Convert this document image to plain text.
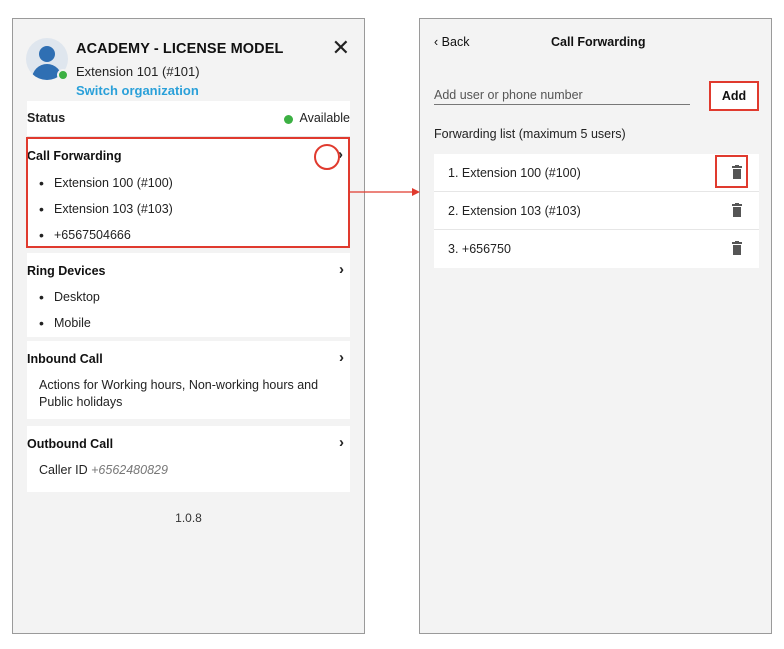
ACADEMY - LICENSE MODEL
Extension 101 (#101)
Switch organization
✕
Status	Available
Call Forwarding	›
• Extension 100 (#100)
• Extension 103 (#103)
• +6567504666
Ring Devices	›
• Desktop
• Mobile
Inbound Call	›
Actions for Working hours, Non-working hours and Public holidays
Outbound Call	›
Caller ID +6562480829
1.0.8
‹ Back	Call Forwarding
Add user or phone number
Add
Forwarding list (maximum 5 users)
1. Extension 100 (#100)
2. Extension 103 (#103)
3. +656750
